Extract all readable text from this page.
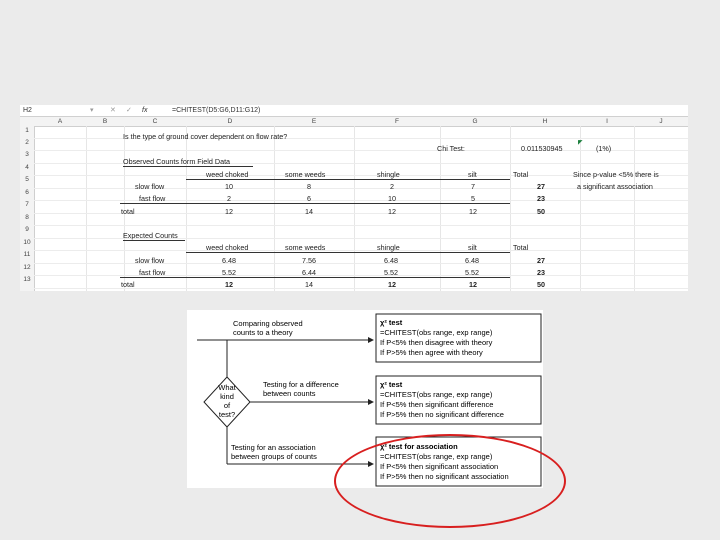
H2	▾ ✕ ✓ fx	=CHITEST(D5:G6,D11:G12)
A	B	C	D	E	F	G	H	I	J
1
2
3
4
5
6
7
8
9
10
11
12
13
Is the type of ground cover dependent on flow rate?
Chi Test:	0.011530945
◤
(1%)
Observed Counts form Field Data
weed choked	some weeds	shingle	silt	Total	Since p-value <5% there is
a significant association
slow flow	10	8	2	7	27
fast flow	2	6	10	5	23
total	12	14	12	12	50
Expected Counts
weed choked	some weeds	shingle	silt	Total
slow flow	6.48	7.56	6.48	6.48	27
fast flow	5.52	6.44	5.52	5.52	23
total	12	14	12	12	50
What
kind
of
test?
Comparing observed
counts to a theory
Testing for a difference
between counts
Testing for an association
between groups of counts
χ² test
=CHITEST(obs range, exp range)
If P<5% then disagree with theory
If P>5% then agree with theory
χ² test
=CHITEST(obs range, exp range)
If P<5% then significant difference
If P>5% then no significant difference
χ² test for association
=CHITEST(obs range, exp range)
If P<5% then significant association
If P>5% then no significant association
